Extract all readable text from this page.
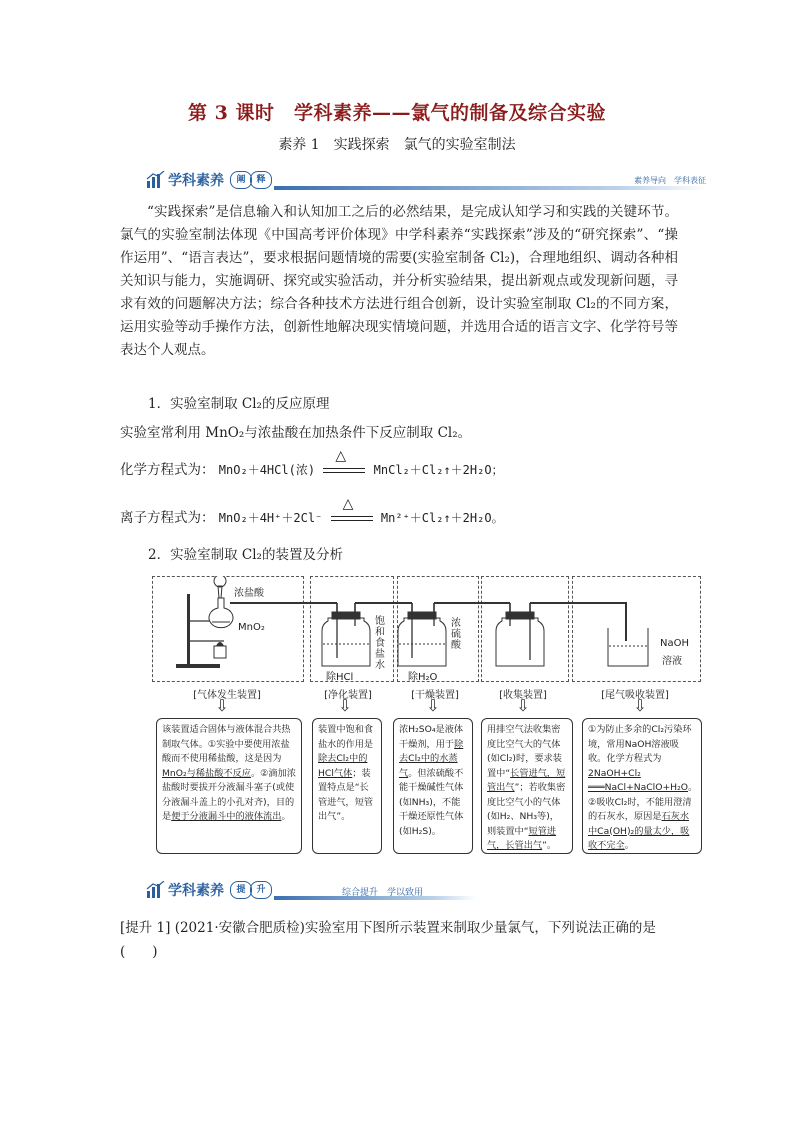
第 3 课时　学科素养——氯气的制备及综合实验
素养 1　实践探索　氯气的实验室制法
学科素养	阐	释	素养导向　学科表征
“实践探索”是信息输入和认知加工之后的必然结果，是完成认知学习和实践的关键环节。氯气的实验室制法体现《中国高考评价体现》中学科素养“实践探索”涉及的“研究探索”、“操作运用”、“语言表达”，要求根据问题情境的需要(实验室制备 Cl₂)，合理地组织、调动各种相关知识与能力，实施调研、探究或实验活动，并分析实验结果，提出新观点或发现新问题，寻求有效的问题解决方法；综合各种技术方法进行组合创新，设计实验室制取 Cl₂的不同方案，运用实验等动手操作方法，创新性地解决现实情境问题，并选用合适的语言文字、化学符号等表达个人观点。
1．实验室制取 Cl₂的反应原理
实验室常利用 MnO₂与浓盐酸在加热条件下反应制取 Cl₂。
化学方程式为： MnO₂＋4HCl(浓)
△
MnCl₂＋Cl₂↑＋2H₂O；
离子方程式为： MnO₂＋4H⁺＋2Cl⁻
△
Mn²⁺＋Cl₂↑＋2H₂O。
2．实验室制取 Cl₂的装置及分析
浓盐酸
MnO₂
饱和食盐水
浓硫酸
除HCl	除H₂O
NaOH
溶液
[气体发生装置]	[净化装置]	[干燥装置]	[收集装置]	[尾气吸收装置]
⇩	⇩	⇩	⇩	⇩
该装置适合固体与液体混合共热制取气体。①实验中要使用浓盐酸而不使用稀盐酸，这是因为MnO₂与稀盐酸不反应。②滴加浓盐酸时要拔开分液漏斗塞子(或使分液漏斗盖上的小孔对齐)，目的是便于分液漏斗中的液体流出。
装置中饱和食盐水的作用是除去Cl₂中的HCl气体；装置特点是“长管进气，短管出气”。
浓H₂SO₄是液体干燥剂，用于除去Cl₂中的水蒸气。但浓硫酸不能干燥碱性气体(如NH₃)，不能干燥还原性气体(如H₂S)。
用排空气法收集密度比空气大的气体(如Cl₂)时，要求装置中“长管进气，短管出气”；若收集密度比空气小的气体(如H₂、NH₃等)，则装置中“短管进气，长管出气”。
①为防止多余的Cl₂污染环境，常用NaOH溶液吸收。化学方程式为2NaOH+Cl₂ ═══NaCl+NaClO+H₂O。②吸收Cl₂时，不能用澄清的石灰水，原因是石灰水中Ca(OH)₂的量太少，吸收不完全。
学科素养	提	升	综合提升　学以致用
[提升 1] (2021·安徽合肥质检)实验室用下图所示装置来制取少量氯气，下列说法正确的是(　　)
